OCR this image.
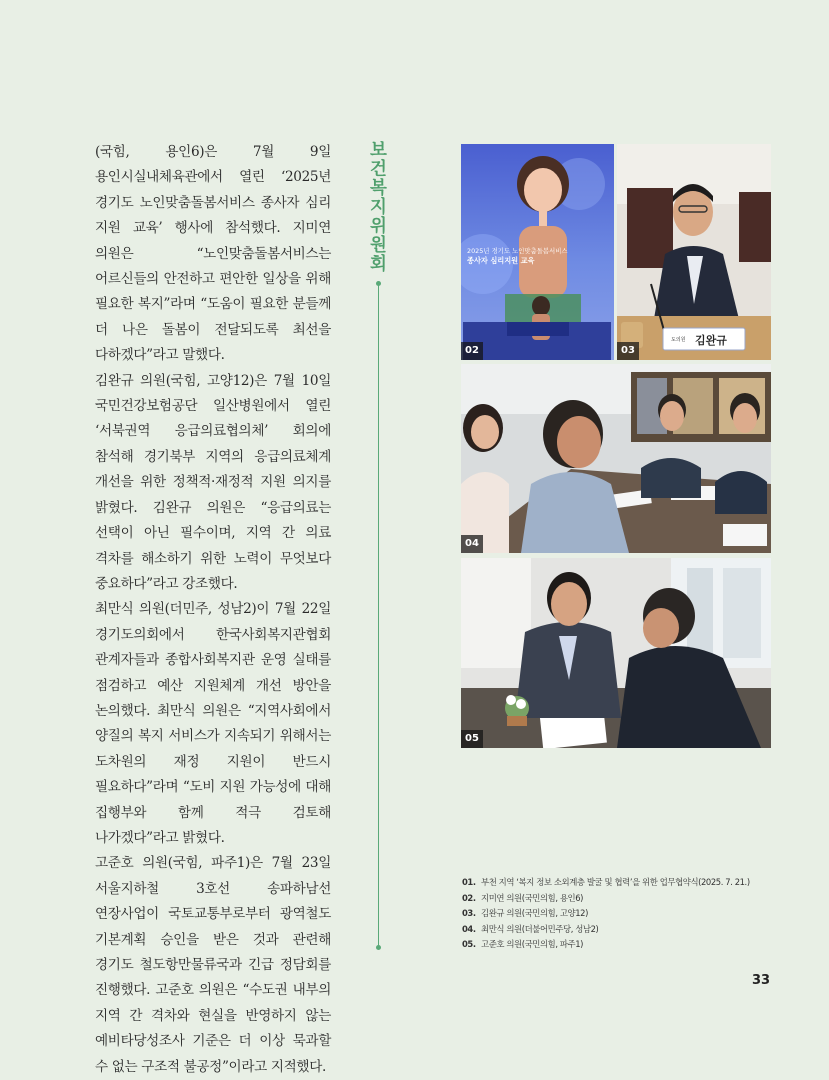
(국힘, 용인6)은 7월 9일 용인시실내체육관에서 열린 ‘2025년 경기도 노인맞춤돌봄서비스 종사자 심리 지원 교육’ 행사에 참석했다. 지미연 의원은 “노인맞춤돌봄서비스는 어르신들의 안전하고 편안한 일상을 위해 필요한 복지”라며 “도움이 필요한 분들께 더 나은 돌봄이 전달되도록 최선을 다하겠다”라고 말했다.

김완규 의원(국힘, 고양12)은 7월 10일 국민건강보험공단 일산병원에서 열린 ‘서북권역 응급의료협의체’ 회의에 참석해 경기북부 지역의 응급의료체계 개선을 위한 정책적·재정적 지원 의지를 밝혔다. 김완규 의원은 “응급의료는 선택이 아닌 필수이며, 지역 간 의료 격차를 해소하기 위한 노력이 무엇보다 중요하다”라고 강조했다.

최만식 의원(더민주, 성남2)이 7월 22일 경기도의회에서 한국사회복지관협회 관계자들과 종합사회복지관 운영 실태를 점검하고 예산 지원체계 개선 방안을 논의했다. 최만식 의원은 “지역사회에서 양질의 복지 서비스가 지속되기 위해서는 도차원의 재정 지원이 반드시 필요하다”라며 “도비 지원 가능성에 대해 집행부와 함께 적극 검토해 나가겠다”라고 밝혔다.

고준호 의원(국힘, 파주1)은 7월 23일 서울지하철 3호선 송파하남선 연장사업이 국토교통부로부터 광역철도 기본계획 승인을 받은 것과 관련해 경기도 철도항만물류국과 긴급 정담회를 진행했다. 고준호 의원은 “수도권 내부의 지역 간 격차와 현실을 반영하지 않는 예비타당성조사 기준은 더 이상 묵과할 수 없는 구조적 불공정”이라고 지적했다.

보건복지위원회	2025년 경기도 노인맞춤돌봄서비스
종사자 심리지원 교육
02
도의원 김완규
03
04
05
01. 부천 지역 ‘복지 정보 소외계층 발굴 및 협력’을 위한 업무협약식(2025. 7. 21.)
02. 지미연 의원(국민의힘, 용인6)
03. 김완규 의원(국민의힘, 고양12)
04. 최만식 의원(더불어민주당, 성남2)
05. 고준호 의원(국민의힘, 파주1)
33
